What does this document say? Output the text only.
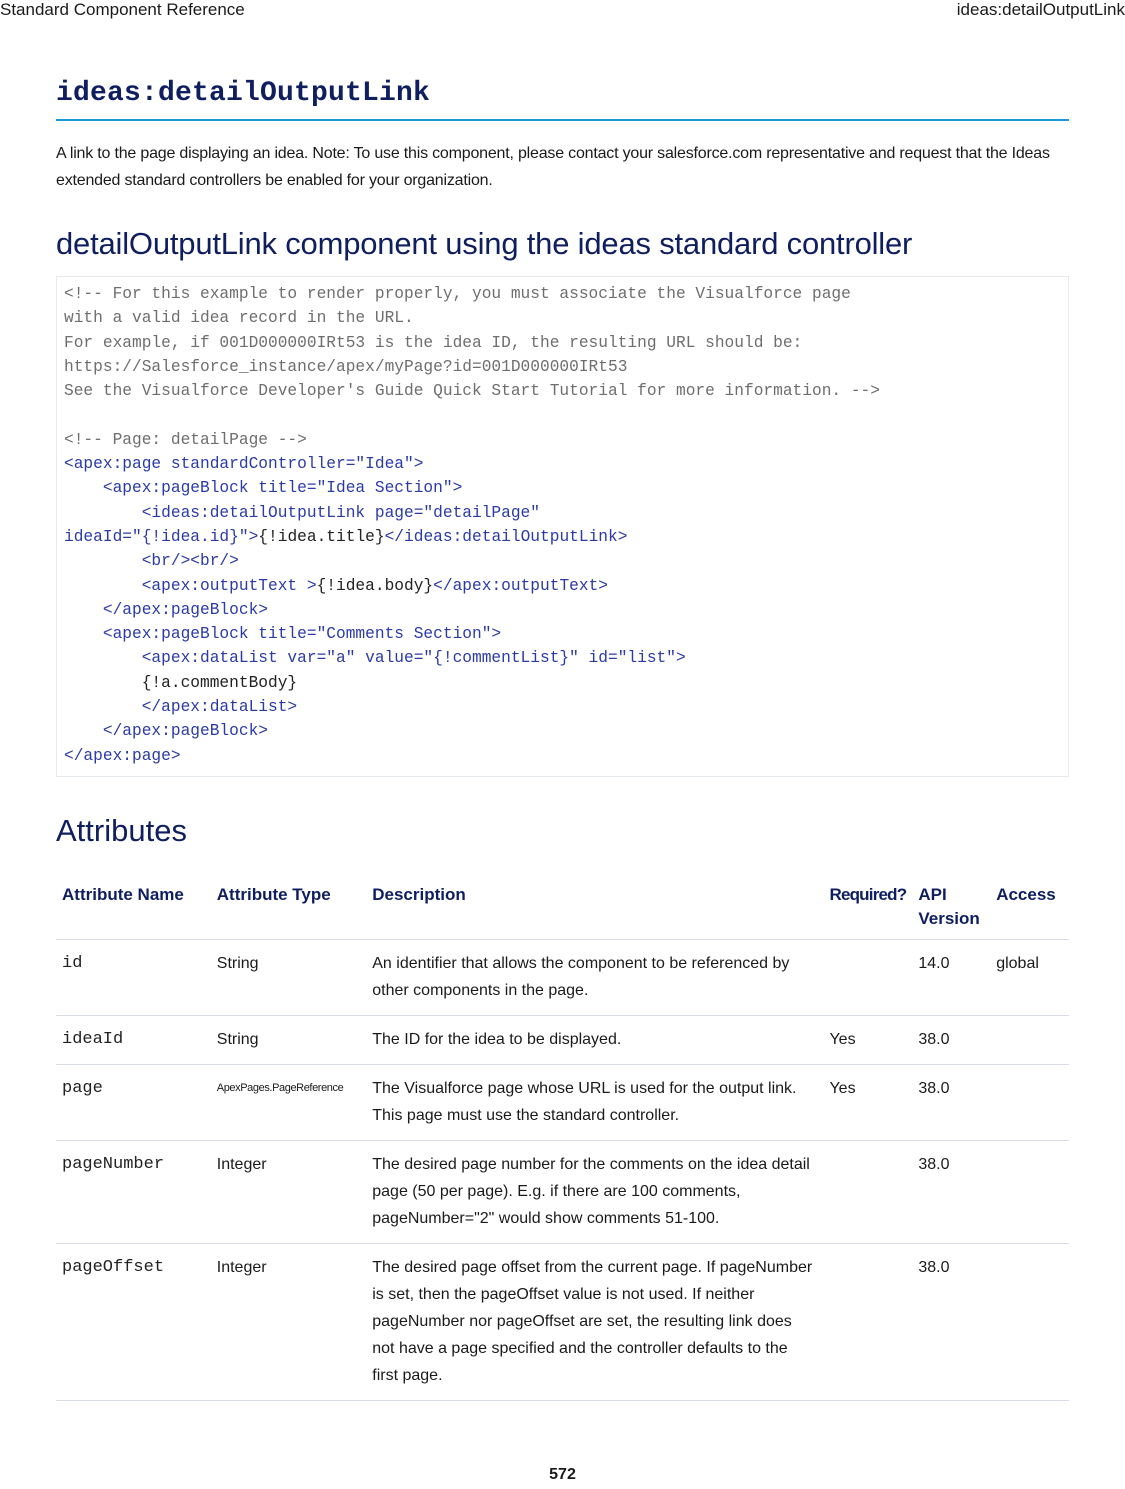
Standard Component Reference	ideas:detailOutputLink
ideas:detailOutputLink

A link to the page displaying an idea. Note: To use this component, please contact your salesforce.com representative and request that the Ideas extended standard controllers be enabled for your organization.

detailOutputLink component using the ideas standard controller
<!-- For this example to render properly, you must associate the Visualforce page
with a valid idea record in the URL.
For example, if 001D000000IRt53 is the idea ID, the resulting URL should be:
https://Salesforce_instance/apex/myPage?id=001D000000IRt53
See the Visualforce Developer's Guide Quick Start Tutorial for more information. -->
<!-- Page: detailPage -->
<apex:page standardController="Idea">
<apex:pageBlock title="Idea Section">
<ideas:detailOutputLink page="detailPage"
ideaId="{!idea.id}">{!idea.title}</ideas:detailOutputLink>
<br/><br/>
<apex:outputText >{!idea.body}</apex:outputText>
</apex:pageBlock>
<apex:pageBlock title="Comments Section">
<apex:dataList var="a" value="{!commentList}" id="list">
{!a.commentBody}
</apex:dataList>
</apex:pageBlock>
</apex:page>
Attributes
Attribute Name	Attribute Type	Description	Required?	API Version	Access
id	String	An identifier that allows the component to be referenced by other components in the page.		14.0	global
ideaId	String	The ID for the idea to be displayed.	Yes	38.0	
page	ApexPages.PageReference	The Visualforce page whose URL is used for the output link. This page must use the standard controller.	Yes	38.0	
pageNumber	Integer	The desired page number for the comments on the idea detail page (50 per page). E.g. if there are 100 comments, pageNumber="2" would show comments 51-100.		38.0	
pageOffset	Integer	The desired page offset from the current page. If pageNumber is set, then the pageOffset value is not used. If neither pageNumber nor pageOffset are set, the resulting link does not have a page specified and the controller defaults to the first page.		38.0	
572
